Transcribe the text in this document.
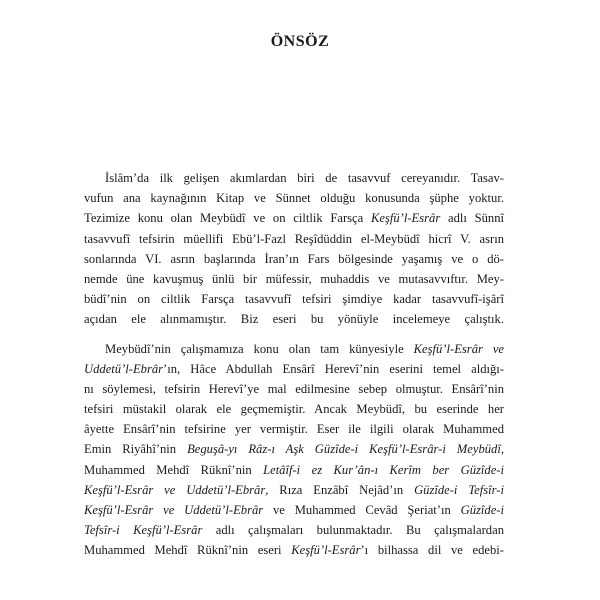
ÖNSÖZ

İslâm’da ilk gelişen akımlardan biri de tasavvuf cereyanıdır. Tasav-
vufun ana kaynağının Kitap ve Sünnet olduğu konusunda şüphe yoktur.
Tezimize konu olan Meybüdî ve on ciltlik Farsça Keşfü’l-Esrâr adlı Sünnî
tasavvufî tefsirin müellifi Ebü’l-Fazl Reşîdüddin el-Meybüdî hicrî V. asrın
sonlarında VI. asrın başlarında İran’ın Fars bölgesinde yaşamış ve o dö-
nemde üne kavuşmuş ünlü bir müfessir, muhaddis ve mutasavvıftır. Mey-
büdî’nin on ciltlik Farsça tasavvufî tefsiri şimdiye kadar tasavvufî-işârî
açıdan ele alınmamıştır. Biz eseri bu yönüyle incelemeye çalıştık.

Meybüdî’nin çalışmamıza konu olan tam künyesiyle Keşfü’l-Esrâr ve
Uddetü’l-Ebrâr’ın, Hâce Abdullah Ensârî Herevî’nin eserini temel aldığı-
nı söylemesi, tefsirin Herevî’ye mal edilmesine sebep olmuştur. Ensârî’nin
tefsiri müstakil olarak ele geçmemiştir. Ancak Meybüdî, bu eserinde her
âyette Ensârî’nin tefsirine yer vermiştir. Eser ile ilgili olarak Muhammed
Emin Riyâhî’nin Beguşâ-yı Râz-ı Aşk Güzîde-i Keşfü’l-Esrâr-i Meybüdî,
Muhammed Mehdî Rüknî’nin Letâîf-i ez Kur’ân-ı Kerîm ber Güzîde-i
Keşfü’l-Esrâr ve Uddetü’l-Ebrâr, Rıza Enzâbî Nejâd’ın Güzîde-i Tefsîr-i
Keşfü’l-Esrâr ve Uddetü’l-Ebrâr ve Muhammed Cevâd Şeriat’ın Güzîde-i
Tefsîr-i Keşfü’l-Esrâr adlı çalışmaları bulunmaktadır. Bu çalışmalardan
Muhammed Mehdî Rüknî’nin eseri Keşfü’l-Esrâr’ı bilhassa dil ve edebi-
